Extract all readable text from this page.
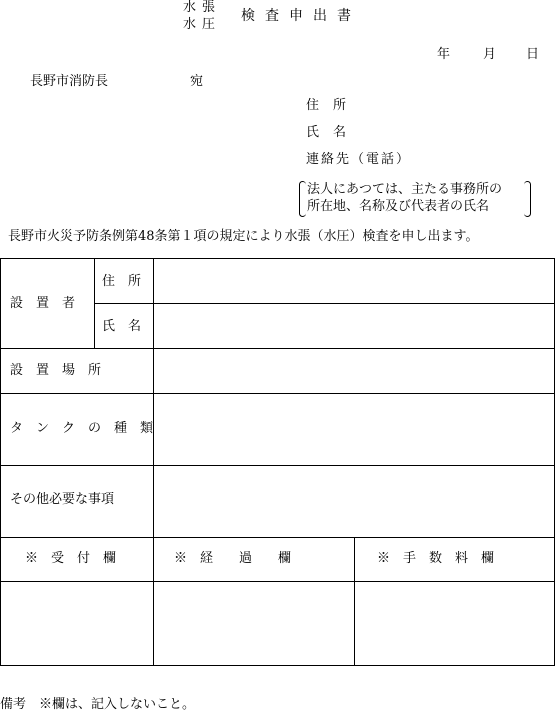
水張
水圧
検査申出書
年	月 日
長野市消防長	宛
住所
氏名
連絡先（電話）
法人にあつては、主たる事務所の
所在地、名称及び代表者の氏名
長野市火災予防条例第48条第１項の規定により水張（水圧）検査を申し出ます。
設　置　者
住　所
氏　名
設　置　場　所
タ　ン　ク　の　種　類
その他必要な事項
※　受　付　欄	※　経　　過　　欄	※　手　数　料　欄
備考　※欄は、記入しないこと。
